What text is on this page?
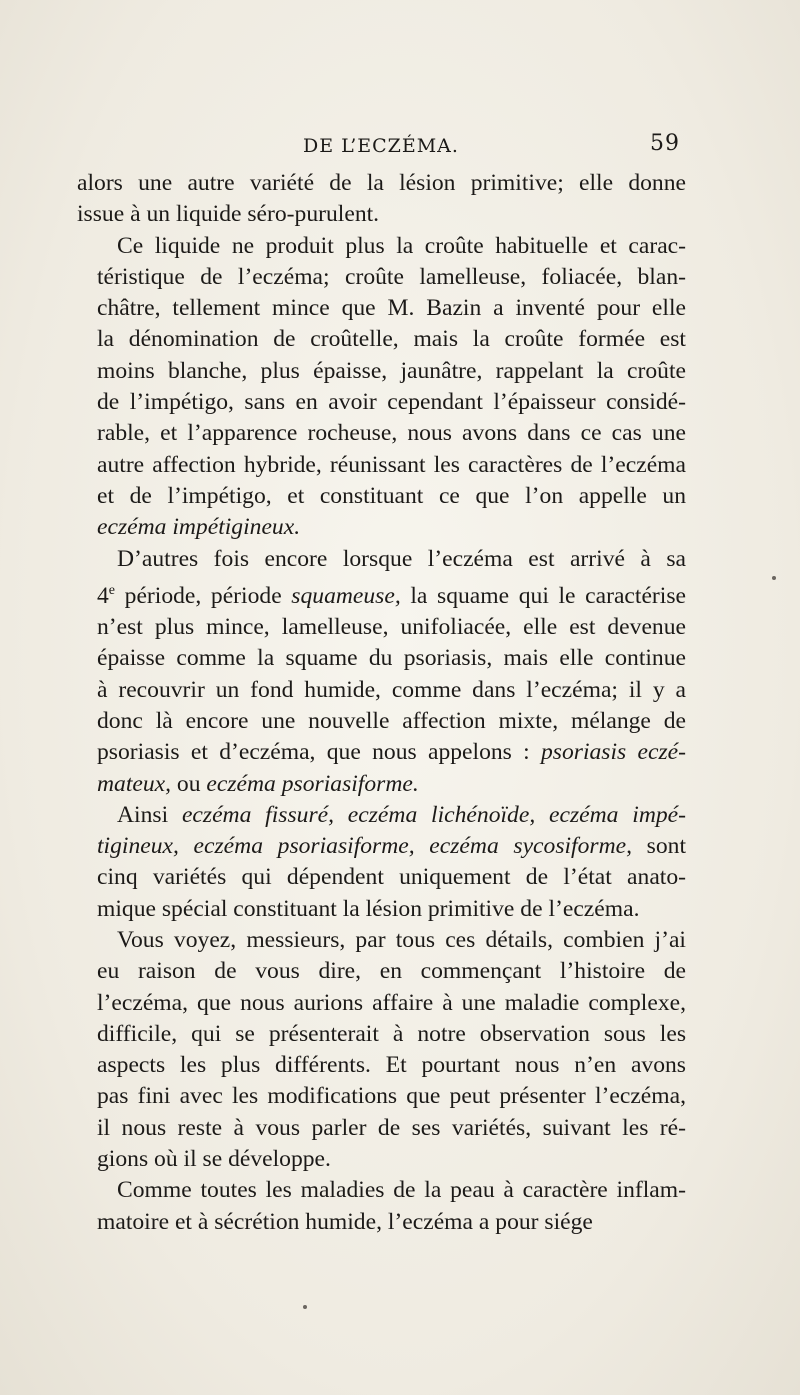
DE L’ECZÉMA.	59

alors une autre variété de la lésion primitive; elle donne
issue à un liquide séro-purulent.

Ce liquide ne produit plus la croûte habituelle et carac-
téristique de l’eczéma; croûte lamelleuse, foliacée, blan-
châtre, tellement mince que M. Bazin a inventé pour elle
la dénomination de croûtelle, mais la croûte formée est
moins blanche, plus épaisse, jaunâtre, rappelant la croûte
de l’impétigo, sans en avoir cependant l’épaisseur considé-
rable, et l’apparence rocheuse, nous avons dans ce cas une
autre affection hybride, réunissant les caractères de l’eczéma
et de l’impétigo, et constituant ce que l’on appelle un
eczéma impétigineux.

D’autres fois encore lorsque l’eczéma est arrivé à sa
4e période, période squameuse, la squame qui le caractérise
n’est plus mince, lamelleuse, unifoliacée, elle est devenue
épaisse comme la squame du psoriasis, mais elle continue
à recouvrir un fond humide, comme dans l’eczéma; il y a
donc là encore une nouvelle affection mixte, mélange de
psoriasis et d’eczéma, que nous appelons : psoriasis eczé-
mateux, ou eczéma psoriasiforme.

Ainsi eczéma fissuré, eczéma lichénoïde, eczéma impé-
tigineux, eczéma psoriasiforme, eczéma sycosiforme, sont
cinq variétés qui dépendent uniquement de l’état anato-
mique spécial constituant la lésion primitive de l’eczéma.

Vous voyez, messieurs, par tous ces détails, combien j’ai
eu raison de vous dire, en commençant l’histoire de
l’eczéma, que nous aurions affaire à une maladie complexe,
difficile, qui se présenterait à notre observation sous les
aspects les plus différents. Et pourtant nous n’en avons
pas fini avec les modifications que peut présenter l’eczéma,
il nous reste à vous parler de ses variétés, suivant les ré-
gions où il se développe.

Comme toutes les maladies de la peau à caractère inflam-
matoire et à sécrétion humide, l’eczéma a pour siége
